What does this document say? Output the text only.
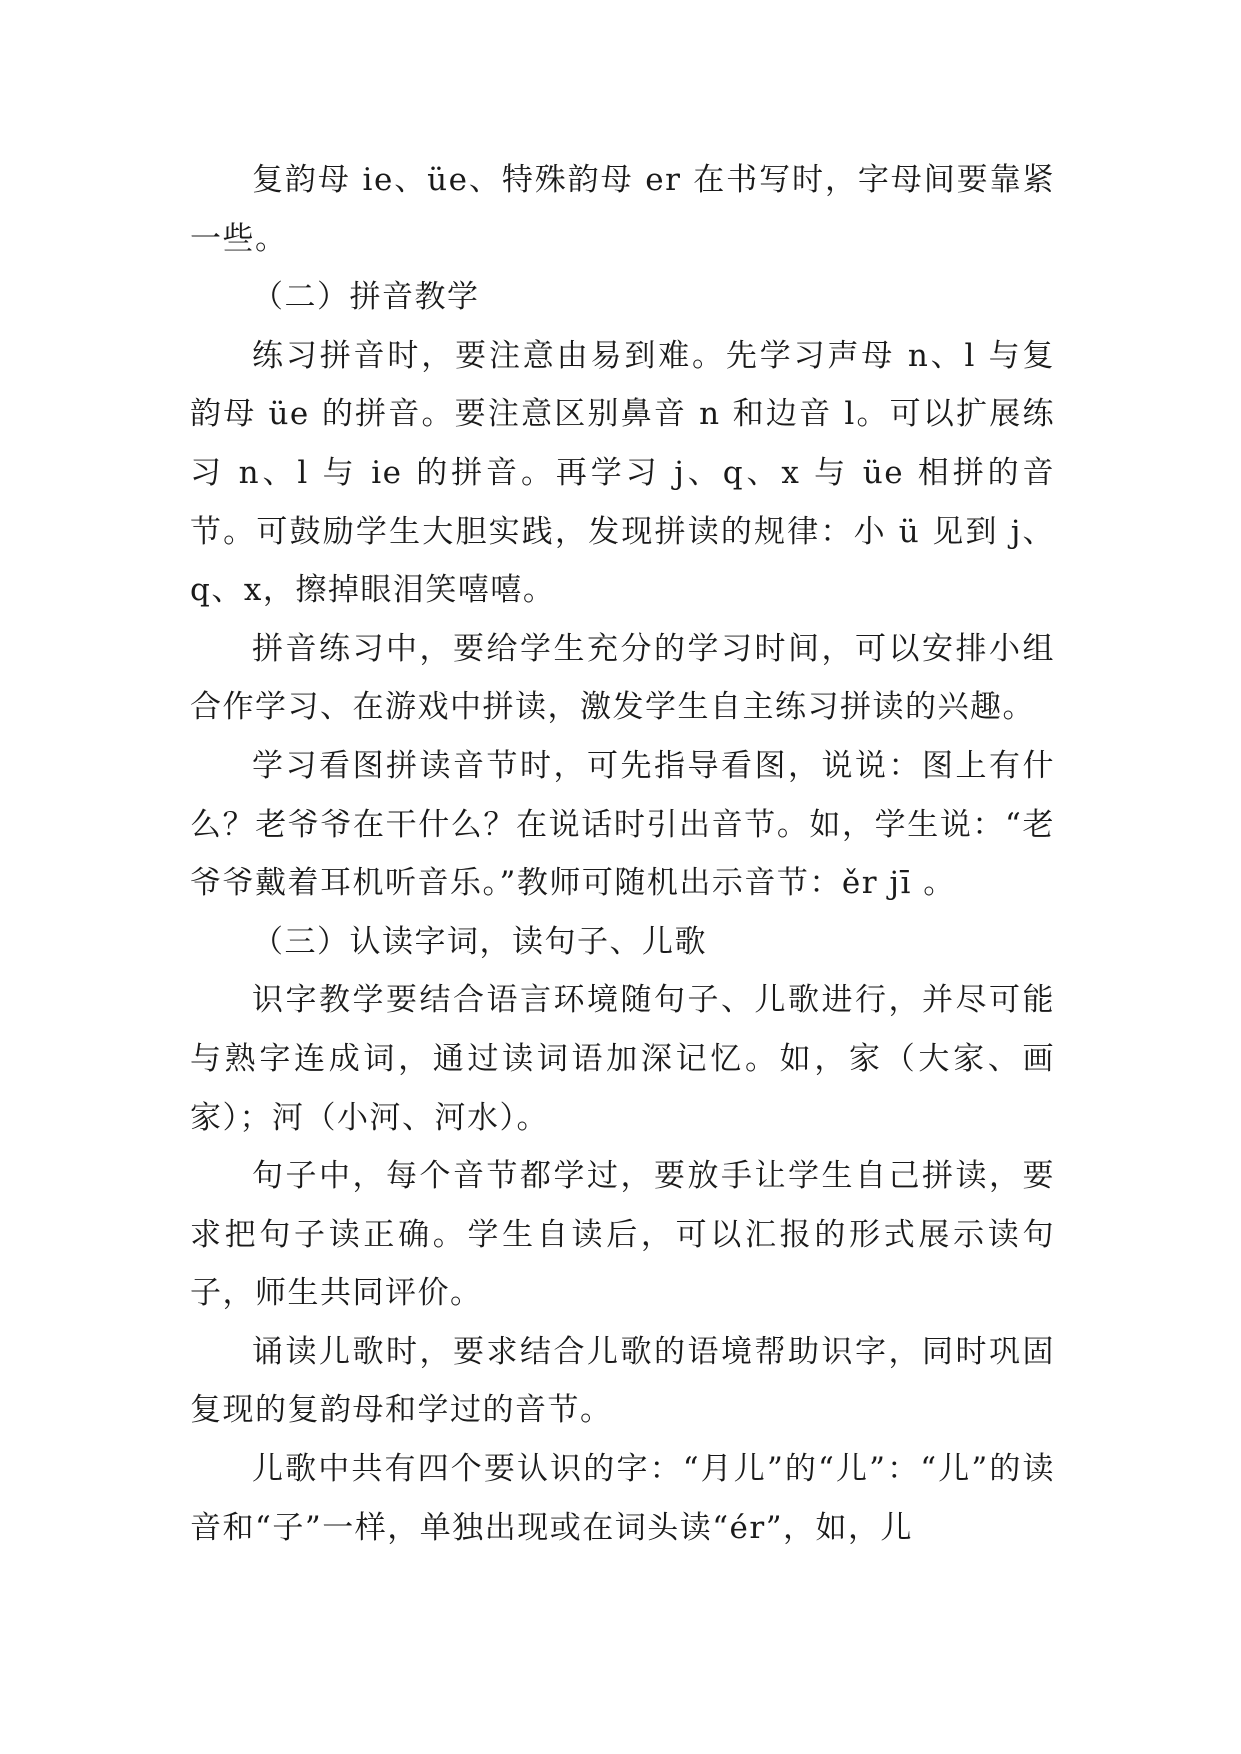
复韵母 ie、üe、特殊韵母 er 在书写时，字母间要靠紧一些。

（二）拼音教学

练习拼音时，要注意由易到难。先学习声母 n、l 与复韵母 üe 的拼音。要注意区别鼻音 n 和边音 l。可以扩展练习 n、l 与 ie 的拼音。再学习 j、q、x 与 üe 相拼的音节。可鼓励学生大胆实践，发现拼读的规律：小 ü 见到 j、q、x，擦掉眼泪笑嘻嘻。

拼音练习中，要给学生充分的学习时间，可以安排小组合作学习、在游戏中拼读，激发学生自主练习拼读的兴趣。

学习看图拼读音节时，可先指导看图，说说：图上有什么？老爷爷在干什么？在说话时引出音节。如，学生说：“老爷爷戴着耳机听音乐。”教师可随机出示音节：ěr jī 。

（三）认读字词，读句子、儿歌

识字教学要结合语言环境随句子、儿歌进行，并尽可能与熟字连成词，通过读词语加深记忆。如，家（大家、画家）；河（小河、河水）。

句子中，每个音节都学过，要放手让学生自己拼读，要求把句子读正确。学生自读后，可以汇报的形式展示读句子，师生共同评价。

诵读儿歌时，要求结合儿歌的语境帮助识字，同时巩固复现的复韵母和学过的音节。

儿歌中共有四个要认识的字：“月儿”的“儿”：“儿”的读音和“子”一样，单独出现或在词头读“ér”，如，儿
